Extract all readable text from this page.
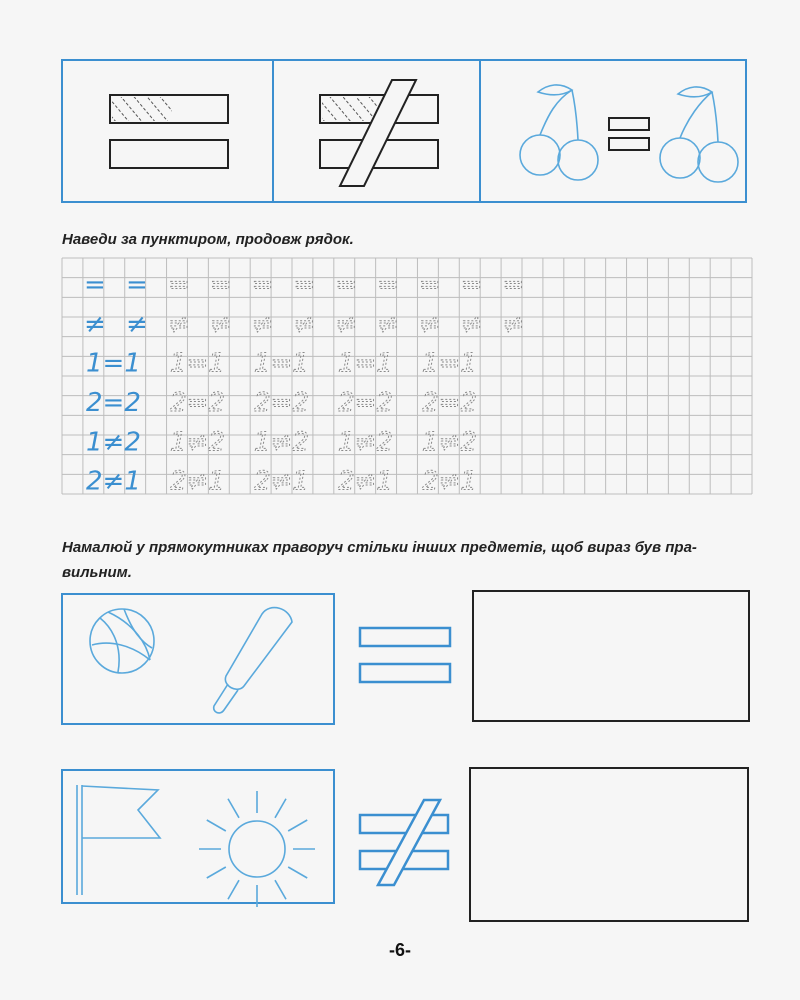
= = = = = = = = = = =
≠ ≠ ≠ ≠ ≠ ≠ ≠ ≠ ≠ ≠ ≠
1=1 1=1 1=1 1=1 1=1
2=2 2=2 2=2 2=2 2=2
1≠2 1≠2 1≠2 1≠2 1≠2
2≠1 2≠1 2≠1 2≠1 2≠1
Наведи за пунктиром, продовж рядок.
Намалюй у прямокутниках праворуч стільки інших предметів, щоб вираз був пра-
вильним.
-6-
